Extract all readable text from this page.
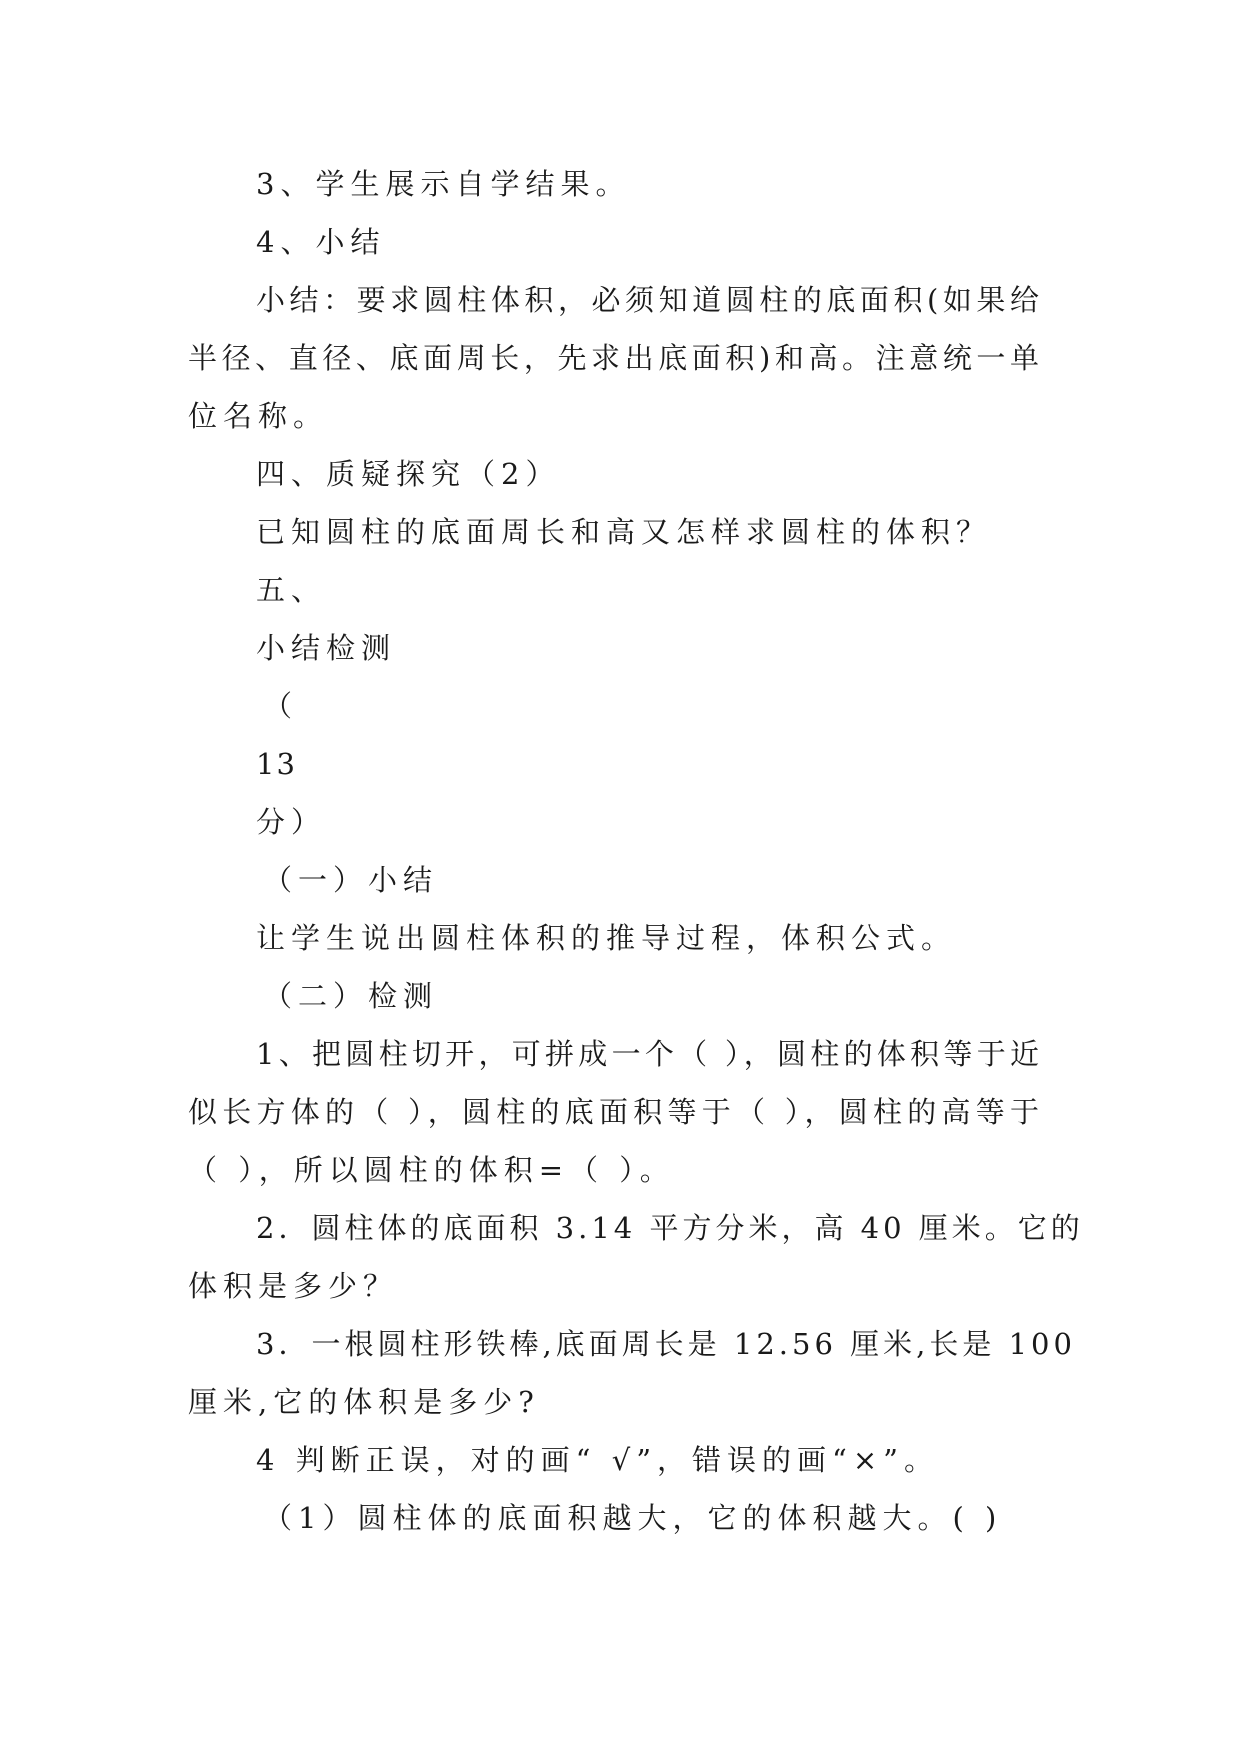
3、学生展示自学结果。
4、小结
小结：要求圆柱体积，必须知道圆柱的底面积(如果给
半径、直径、底面周长，先求出底面积)和高。注意统一单
位名称。
四、质疑探究（2）
已知圆柱的底面周长和高又怎样求圆柱的体积？
五、
小结检测
（
13
分）
（一）小结
让学生说出圆柱体积的推导过程，体积公式。
（二）检测
1、把圆柱切开，可拼成一个（ ），圆柱的体积等于近
似长方体的（ ），圆柱的底面积等于（ ），圆柱的高等于
（ ），所以圆柱的体积=（ ）。
2．圆柱体的底面积 3.14 平方分米，高 40 厘米。它的
体积是多少？
3．一根圆柱形铁棒,底面周长是 12.56 厘米,长是 100
厘米,它的体积是多少?
4 判断正误，对的画“ √”，错误的画“×”。
（1）圆柱体的底面积越大，它的体积越大。( )
